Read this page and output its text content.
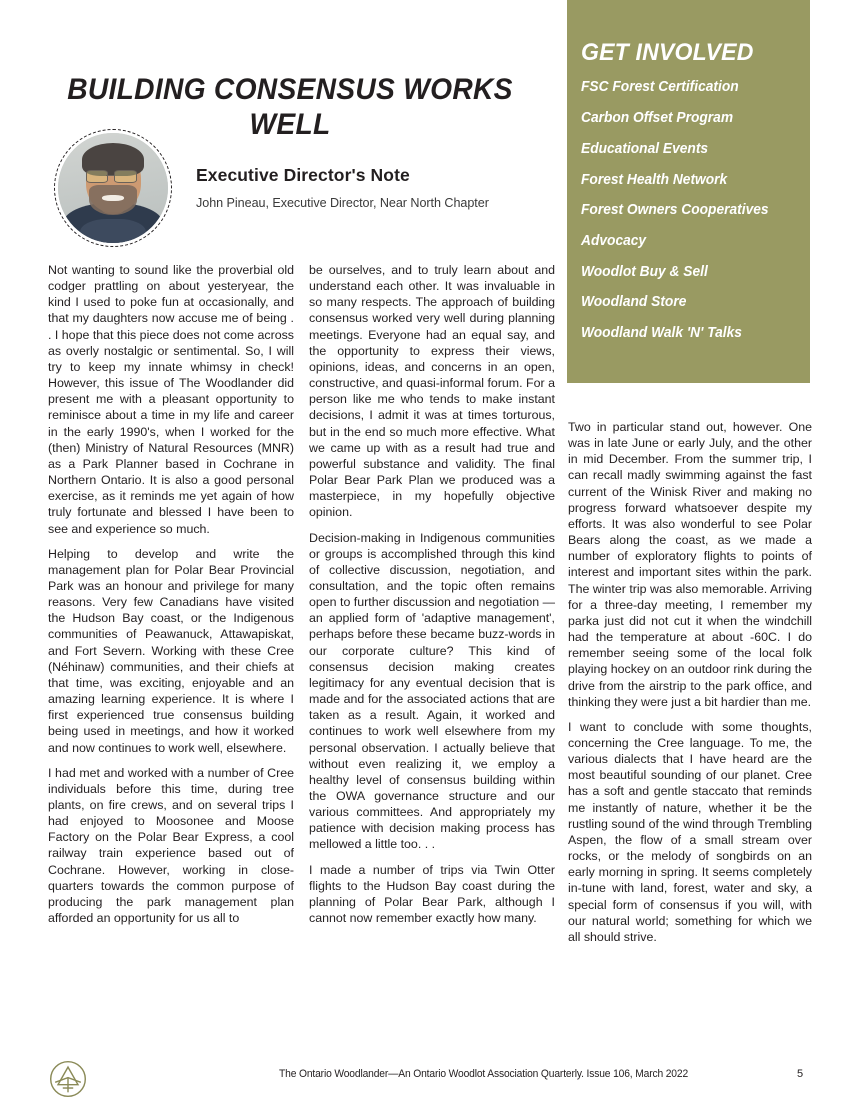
GET INVOLVED
FSC Forest Certification
Carbon Offset Program
Educational Events
Forest Health Network
Forest Owners Cooperatives
Advocacy
Woodlot Buy & Sell
Woodland Store
Woodland Walk 'N' Talks
BUILDING CONSENSUS WORKS WELL
Executive Director's Note
John Pineau, Executive Director, Near North Chapter

Not wanting to sound like the proverbial old codger prattling on about yesteryear, the kind I used to poke fun at occasionally, and that my daughters now accuse me of being . . I hope that this piece does not come across as overly nostalgic or sentimental. So, I will try to keep my innate whimsy in check! However, this issue of The Woodlander did present me with a pleasant opportunity to reminisce about a time in my life and career in the early 1990's, when I worked for the (then) Ministry of Natural Resources (MNR) as a Park Planner based in Cochrane in Northern Ontario. It is also a good personal exercise, as it reminds me yet again of how truly fortunate and blessed I have been to see and experience so much.

Helping to develop and write the management plan for Polar Bear Provincial Park was an honour and privilege for many reasons. Very few Canadians have visited the Hudson Bay coast, or the Indigenous communities of Peawanuck, Attawapiskat, and Fort Severn. Working with these Cree (Néhinaw) communities, and their chiefs at that time, was exciting, enjoyable and an amazing learning experience. It is where I first experienced true consensus building being used in meetings, and how it worked and now continues to work well, elsewhere.

I had met and worked with a number of Cree individuals before this time, during tree plants, on fire crews, and on several trips I had enjoyed to Moosonee and Moose Factory on the Polar Bear Express, a cool railway train experience based out of Cochrane. However, working in close-quarters towards the common purpose of producing the park management plan afforded an opportunity for us all to

be ourselves, and to truly learn about and understand each other. It was invaluable in so many respects. The approach of building consensus worked very well during planning meetings. Everyone had an equal say, and the opportunity to express their views, opinions, ideas, and concerns in an open, constructive, and quasi-informal forum. For a person like me who tends to make instant decisions, I admit it was at times torturous, but in the end so much more effective. What we came up with as a result had true and powerful substance and validity. The final Polar Bear Park Plan we produced was a masterpiece, in my hopefully objective opinion.

Decision-making in Indigenous communities or groups is accomplished through this kind of collective discussion, negotiation, and consultation, and the topic often remains open to further discussion and negotiation — an applied form of 'adaptive management', perhaps before these became buzz-words in our corporate culture? This kind of consensus decision making creates legitimacy for any eventual decision that is made and for the associated actions that are taken as a result. Again, it worked and continues to work well elsewhere from my personal observation. I actually believe that without even realizing it, we employ a healthy level of consensus building within the OWA governance structure and our various committees. And appropriately my patience with decision making process has mellowed a little too. . .

I made a number of trips via Twin Otter flights to the Hudson Bay coast during the planning of Polar Bear Park, although I cannot now remember exactly how many.

Two in particular stand out, however. One was in late June or early July, and the other in mid December. From the summer trip, I can recall madly swimming against the fast current of the Winisk River and making no progress forward whatsoever despite my efforts. It was also wonderful to see Polar Bears along the coast, as we made a number of exploratory flights to points of interest and important sites within the park. The winter trip was also memorable. Arriving for a three-day meeting, I remember my parka just did not cut it when the windchill had the temperature at about -60C. I do remember seeing some of the local folk playing hockey on an outdoor rink during the drive from the airstrip to the park office, and thinking they were just a bit hardier than me.

I want to conclude with some thoughts, concerning the Cree language. To me, the various dialects that I have heard are the most beautiful sounding of our planet. Cree has a soft and gentle staccato that reminds me instantly of nature, whether it be the rustling sound of the wind through Trembling Aspen, the flow of a small stream over rocks, or the melody of songbirds on an early morning in spring. It seems completely in-tune with land, forest, water and sky, a special form of consensus if you will, with our natural world; something for which we all should strive.

The Ontario Woodlander—An Ontario Woodlot Association Quarterly. Issue 106, March 2022	5
